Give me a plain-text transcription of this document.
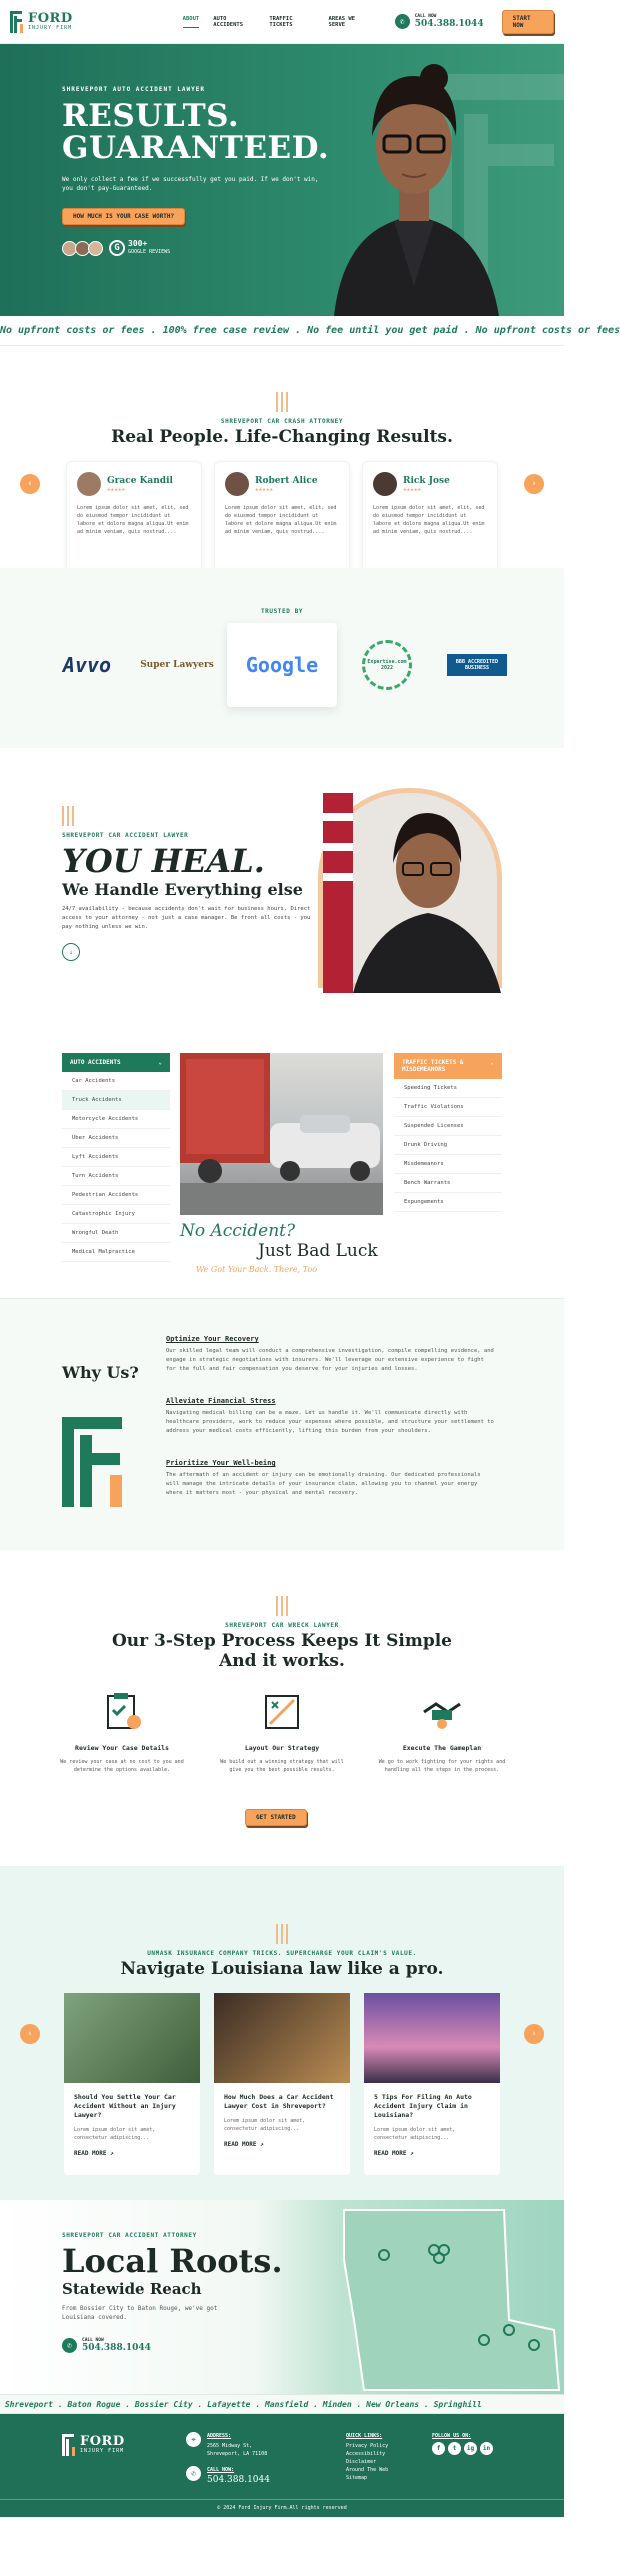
FORD
INJURY FIRM
ABOUT	AUTO ACCIDENTS
TRAFFIC TICKETS
AREAS WE SERVE	✆
CALL NOW
504.388.1044
START NOW
SHREVEPORT AUTO ACCIDENT LAWYER
RESULTS.
GUARANTEED.

We only collect a fee if we successfully get you paid. If we don't win, you don't pay-Guaranteed.

HOW MUCH IS YOUR CASE WORTH?
G	300+
GOOGLE REVIEWS
No upfront costs or fees . 100% free case review . No fee until you get paid . No upfront costs or fees
SHREVEPORT CAR CRASH ATTORNEY
Real People. Life-Changing Results.
Grace Kandil
★★★★★

Lorem ipsum dolor sit amet, elit, sed do eiusmod tempor incididunt ut labore et dolore magna aliqua.Ut enim ad minim veniam, quis nostrud....

Robert Alice
★★★★★

Lorem ipsum dolor sit amet, elit, sed do eiusmod tempor incididunt ut labore et dolore magna aliqua.Ut enim ad minim veniam, quis nostrud....

Rick Jose
★★★★★

Lorem ipsum dolor sit amet, elit, sed do eiusmod tempor incididunt ut labore et dolore magna aliqua.Ut enim ad minim veniam, quis nostrud....

‹	›
TRUSTED BY
Avvo	Super Lawyers	Google	Expertise.com
2022
BBB ACCREDITED BUSINESS
SHREVEPORT CAR ACCIDENT LAWYER
YOU HEAL.
We Handle Everything else

24/7 availability - because accidents don't wait for business hours. Direct access to your attorney - not just a case manager. Be front all costs - you pay nothing unless we win.

↓
AUTO ACCIDENTS	⌄
Car Accidents
Truck Accidents
Motorcycle Accidents
Uber Accidents
Lyft Accidents
Turn Accidents
Pedestrian Accidents
Catastrophic Injury
Wrongful Death
Medical Malpractice
No Accident?
Just Bad Luck
We Got Your Back. There, Too
TRAFFIC TICKETS & MISDEMEANORS
⌄
Speeding Tickets
Traffic Violations
Suspended Licenses
Drunk Driving
Misdemeanors
Bench Warrants
Expungements
Why Us?
Optimize Your Recovery

Our skilled legal team will conduct a comprehensive investigation, compile compelling evidence, and engage in strategic negotiations with insurers. We'll leverage our extensive experience to fight for the full and fair compensation you deserve for your injuries and losses.

Alleviate Financial Stress

Navigating medical billing can be a maze. Let us handle it. We'll communicate directly with healthcare providers, work to reduce your expenses where possible, and structure your settlement to address your medical costs efficiently, lifting this burden from your shoulders.

Prioritize Your Well-being

The aftermath of an accident or injury can be emotionally draining. Our dedicated professionals will manage the intricate details of your insurance claim, allowing you to channel your energy where it matters most - your physical and mental recovery.

SHREVEPORT CAR WRECK LAWYER
Our 3-Step Process Keeps It Simple
And it works.
Review Your Case Details

We review your case at no cost to you and determine the options available.

Layout Our Strategy

We build out a winning strategy that will give you the best possible results.

Execute The Gameplan

We go to work fighting for your rights and handling all the steps in the process.

GET STARTED
UNMASK INSURANCE COMPANY TRICKS. SUPERCHARGE YOUR CLAIM'S VALUE.
Navigate Louisiana law like a pro.
Should You Settle Your Car Accident Without an Injury Lawyer?

Lorem ipsum dolor sit amet, consectetur adipiscing...

READ MORE ↗
How Much Does a Car Accident Lawyer Cost in Shreveport?

Lorem ipsum dolor sit amet, consectetur adipiscing...

READ MORE ↗
5 Tips For Filing An Auto Accident Injury Claim in Louisiana?

Lorem ipsum dolor sit amet, consectetur adipiscing...

READ MORE ↗
‹	›
SHREVEPORT CAR ACCIDENT ATTORNEY
Local Roots.
Statewide Reach

From Bossier City to Baton Rouge, we've got Louisiana covered.

✆
CALL NOW
504.388.1044

Shreveport . Baton Rogue . Bossier City . Lafayette . Mansfield . Minden . New Orleans . Springhill
FORD
INJURY FIRM
⌖	ADDRESS:
2565 Midway St, Shreveport, LA 71108
✆	CALL NOW:
504.388.1044
QUICK LINKS:
Privacy Policy
Accessibility
Disclaimer
Around The Web
Sitemap
FOLLOW US ON:
f t ig in
© 2024 Ford Injury Firm.All rights reserved
